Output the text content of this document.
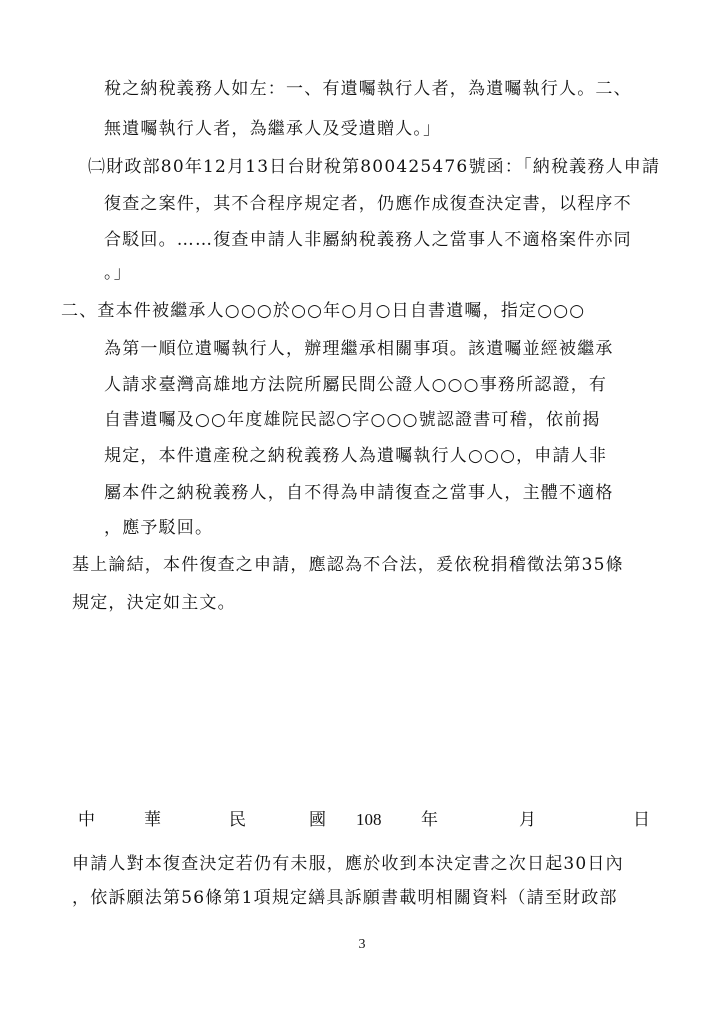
稅之納稅義務人如左：一、有遺囑執行人者，為遺囑執行人。二、
無遺囑執行人者，為繼承人及受遺贈人。」
㈡財政部80年12月13日台財稅第800425476號函：「納稅義務人申請
復查之案件，其不合程序規定者，仍應作成復查決定書，以程序不
合駁回。……復查申請人非屬納稅義務人之當事人不適格案件亦同
。」
二、查本件被繼承人○○○於○○年○月○日自書遺囑，指定○○○
為第一順位遺囑執行人，辦理繼承相關事項。該遺囑並經被繼承
人請求臺灣高雄地方法院所屬民間公證人○○○事務所認證，有
自書遺囑及○○年度雄院民認○字○○○號認證書可稽，依前揭
規定，本件遺產稅之納稅義務人為遺囑執行人○○○，申請人非
屬本件之納稅義務人，自不得為申請復查之當事人，主體不適格
，應予駁回。
基上論結，本件復查之申請，應認為不合法，爰依稅捐稽徵法第35條
規定，決定如主文。
中	華	民	國 108 年	月	日
申請人對本復查決定若仍有未服，應於收到本決定書之次日起30日內
，依訴願法第56條第1項規定繕具訴願書載明相關資料（請至財政部
3
